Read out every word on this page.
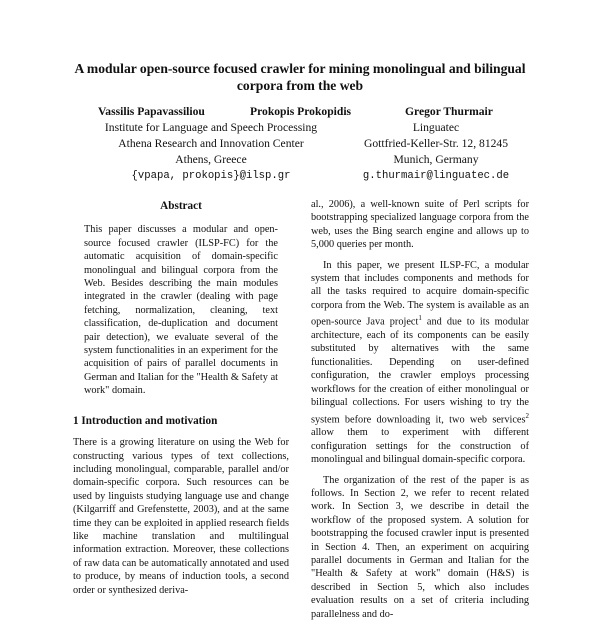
A modular open-source focused crawler for mining monolingual and bilingual corpora from the web
Vassilis Papavassiliou	Prokopis Prokopidis	Gregor Thurmair
Institute for Language and Speech Processing
Athena Research and Innovation Center
Athens, Greece
{vpapa, prokopis}@ilsp.gr
Linguatec
Gottfried-Keller-Str. 12, 81245
Munich, Germany
g.thurmair@linguatec.de
Abstract

This paper discusses a modular and open-source focused crawler (ILSP-FC) for the automatic acquisition of domain-specific monolingual and bilingual corpora from the Web. Besides describing the main modules integrated in the crawler (dealing with page fetching, normalization, cleaning, text classification, de-duplication and document pair detection), we evaluate several of the system functionalities in an experiment for the acquisition of pairs of parallel documents in German and Italian for the "Health & Safety at work" domain.

1 Introduction and motivation

There is a growing literature on using the Web for constructing various types of text collections, including monolingual, comparable, parallel and/or domain-specific corpora. Such resources can be used by linguists studying language use and change (Kilgarriff and Grefenstette, 2003), and at the same time they can be exploited in applied research fields like machine translation and multilingual information extraction. Moreover, these collections of raw data can be automatically annotated and used to produce, by means of induction tools, a second order or synthesized deriva-

al., 2006), a well-known suite of Perl scripts for bootstrapping specialized language corpora from the web, uses the Bing search engine and allows up to 5,000 queries per month.

In this paper, we present ILSP-FC, a modular system that includes components and methods for all the tasks required to acquire domain-specific corpora from the Web. The system is available as an open-source Java project$^1$ and due to its modular architecture, each of its components can be easily substituted by alternatives with the same functionalities. Depending on user-defined configuration, the crawler employs processing workflows for the creation of either monolingual or bilingual collections. For users wishing to try the system before downloading it, two web services$^2$ allow them to experiment with different configuration settings for the construction of monolingual and bilingual domain-specific corpora.

The organization of the rest of the paper is as follows. In Section 2, we refer to recent related work. In Section 3, we describe in detail the workflow of the proposed system. A solution for bootstrapping the focused crawler input is presented in Section 4. Then, an experiment on acquiring parallel documents in German and Italian for the "Health & Safety at work" domain (H&S) is described in Section 5, which also includes evaluation results on a set of criteria including parallelness and do-
